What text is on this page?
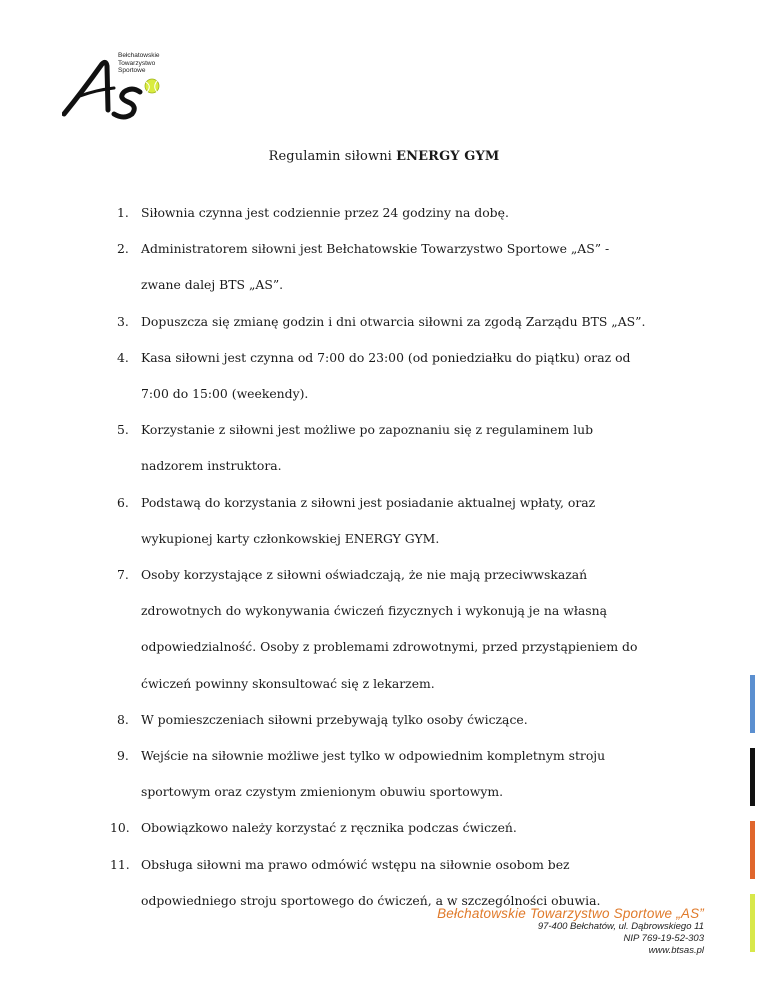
Bełchatowskie
Towarzystwo
Sportowe
Regulamin siłowni ENERGY GYM
1. Siłownia czynna jest codziennie przez 24 godziny na dobę.
2. Administratorem siłowni jest Bełchatowskie Towarzystwo Sportowe „AS” -
zwane dalej BTS „AS”.
3. Dopuszcza się zmianę godzin i dni otwarcia siłowni za zgodą Zarządu BTS „AS”.
4. Kasa siłowni jest czynna od 7:00 do 23:00 (od poniedziałku do piątku) oraz od
7:00 do 15:00 (weekendy).
5. Korzystanie z siłowni jest możliwe po zapoznaniu się z regulaminem lub
nadzorem instruktora.
6. Podstawą do korzystania z siłowni jest posiadanie aktualnej wpłaty, oraz
wykupionej karty członkowskiej ENERGY GYM.
7. Osoby korzystające z siłowni oświadczają, że nie mają przeciwwskazań
zdrowotnych do wykonywania ćwiczeń fizycznych i wykonują je na własną
odpowiedzialność. Osoby z problemami zdrowotnymi, przed przystąpieniem do
ćwiczeń powinny skonsultować się z lekarzem.
8. W pomieszczeniach siłowni przebywają tylko osoby ćwiczące.
9. Wejście na siłownie możliwe jest tylko w odpowiednim kompletnym stroju
sportowym oraz czystym zmienionym obuwiu sportowym.
10. Obowiązkowo należy korzystać z ręcznika podczas ćwiczeń.
11. Obsługa siłowni ma prawo odmówić wstępu na siłownie osobom bez
odpowiedniego stroju sportowego do ćwiczeń, a w szczególności obuwia.
Bełchatowskie Towarzystwo Sportowe „AS”
97-400 Bełchatów, ul. Dąbrowskiego 11
NIP 769-19-52-303
www.btsas.pl
